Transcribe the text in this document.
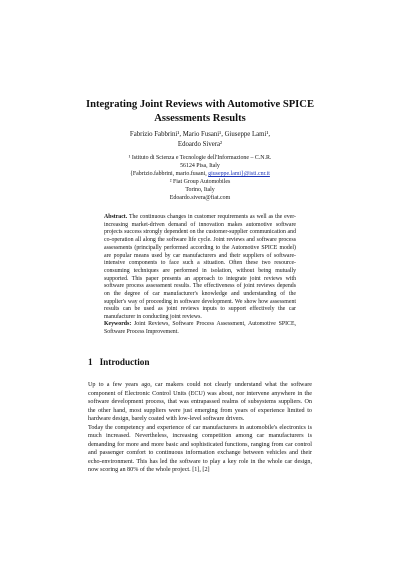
Integrating Joint Reviews with Automotive SPICE Assessments Results
Fabrizio Fabbrini¹, Mario Fusani¹, Giuseppe Lami¹,
Edoardo Sivera²
¹ Istituto di Scienza e Tecnologie dell'Informazione – C.N.R.
56124 Pisa, Italy
{Fabrizio.fabbrini, mario.fusani, giuseppe.lami}@isti.cnr.it
² Fiat Group Automobiles
Torino, Italy
Edoardo.sivera@fiat.com
Abstract. The continuous changes in customer requirements as well as the ever-increasing market-driven demand of innovation makes automotive software projects success strongly dependent on the customer-supplier communication and co-operation all along the software life cycle. Joint reviews and software process assessments (principally performed according to the Automotive SPICE model) are popular means used by car manufacturers and their suppliers of software-intensive components to face such a situation. Often these two resource-consuming techniques are performed in isolation, without being mutually supported. This paper presents an approach to integrate joint reviews with software process assessment results. The effectiveness of joint reviews depends on the degree of car manufacturer's knowledge and understanding of the supplier's way of proceeding in software development. We show how assessment results can be used as joint reviews inputs to support effectively the car manufacturer in conducting joint reviews.
Keywords: Joint Reviews, Software Process Assessment, Automotive SPICE, Software Process Improvement.
1 Introduction

Up to a few years ago, car makers could not clearly understand what the software component of Electronic Control Units (ECU) was about, nor intervene anywhere in the software development process, that was entrapassed realms of subsystems suppliers. On the other hand, most suppliers were just emerging from years of experience limited to hardware design, barely coated with low-level software drivers.

Today the competency and experience of car manufacturers in automobile's electronics is much increased. Nevertheless, increasing competition among car manufacturers is demanding for more and more basic and sophisticated functions, ranging from car control and passenger comfort to continuous information exchange between vehicles and their echo-environment. This has led the software to play a key role in the whole car design, now scoring an 80% of the whole project. [1], [2]
